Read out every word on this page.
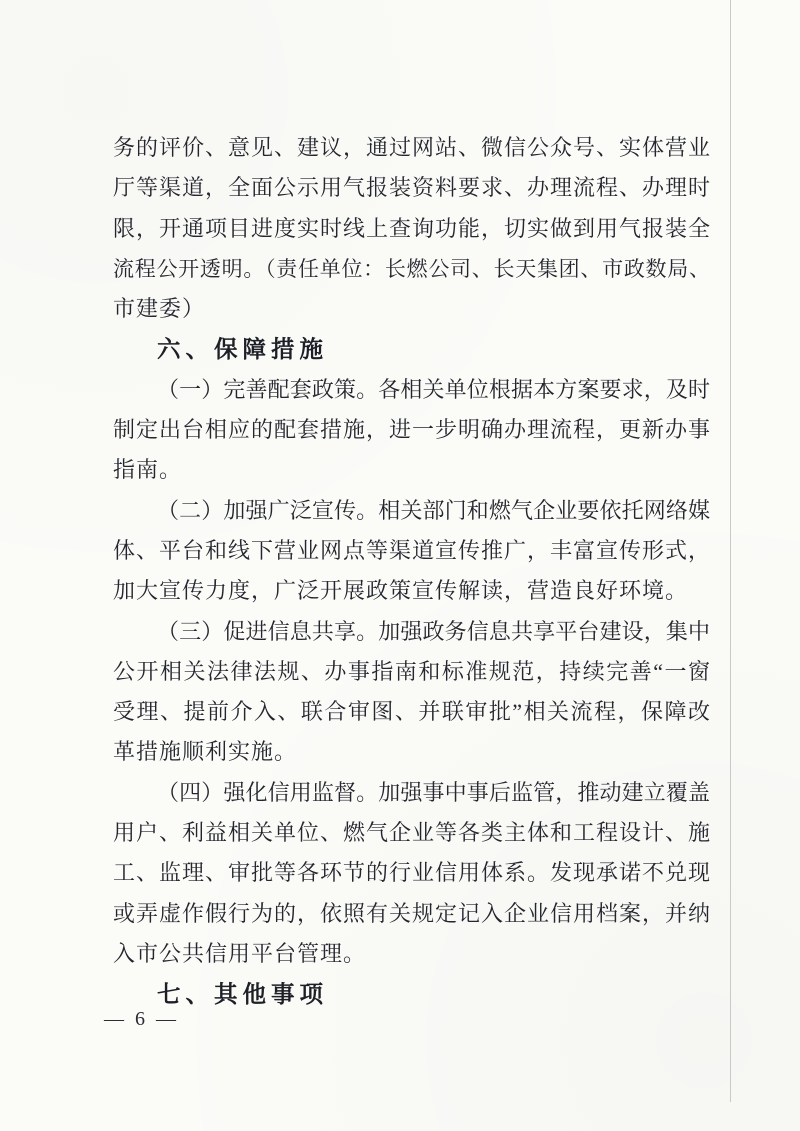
务的评价、意见、建议，通过网站、微信公众号、实体营业

厅等渠道，全面公示用气报装资料要求、办理流程、办理时

限，开通项目进度实时线上查询功能，切实做到用气报装全

流程公开透明。（责任单位：长燃公司、长天集团、市政数局、

市建委）

六、保障措施

（一）完善配套政策。各相关单位根据本方案要求，及时

制定出台相应的配套措施，进一步明确办理流程，更新办事

指南。

（二）加强广泛宣传。相关部门和燃气企业要依托网络媒

体、平台和线下营业网点等渠道宣传推广，丰富宣传形式，

加大宣传力度，广泛开展政策宣传解读，营造良好环境。

（三）促进信息共享。加强政务信息共享平台建设，集中

公开相关法律法规、办事指南和标准规范，持续完善“一窗

受理、提前介入、联合审图、并联审批”相关流程，保障改

革措施顺利实施。

（四）强化信用监督。加强事中事后监管，推动建立覆盖

用户、利益相关单位、燃气企业等各类主体和工程设计、施

工、监理、审批等各环节的行业信用体系。发现承诺不兑现

或弄虚作假行为的，依照有关规定记入企业信用档案，并纳

入市公共信用平台管理。

七、其他事项
— 6 —
